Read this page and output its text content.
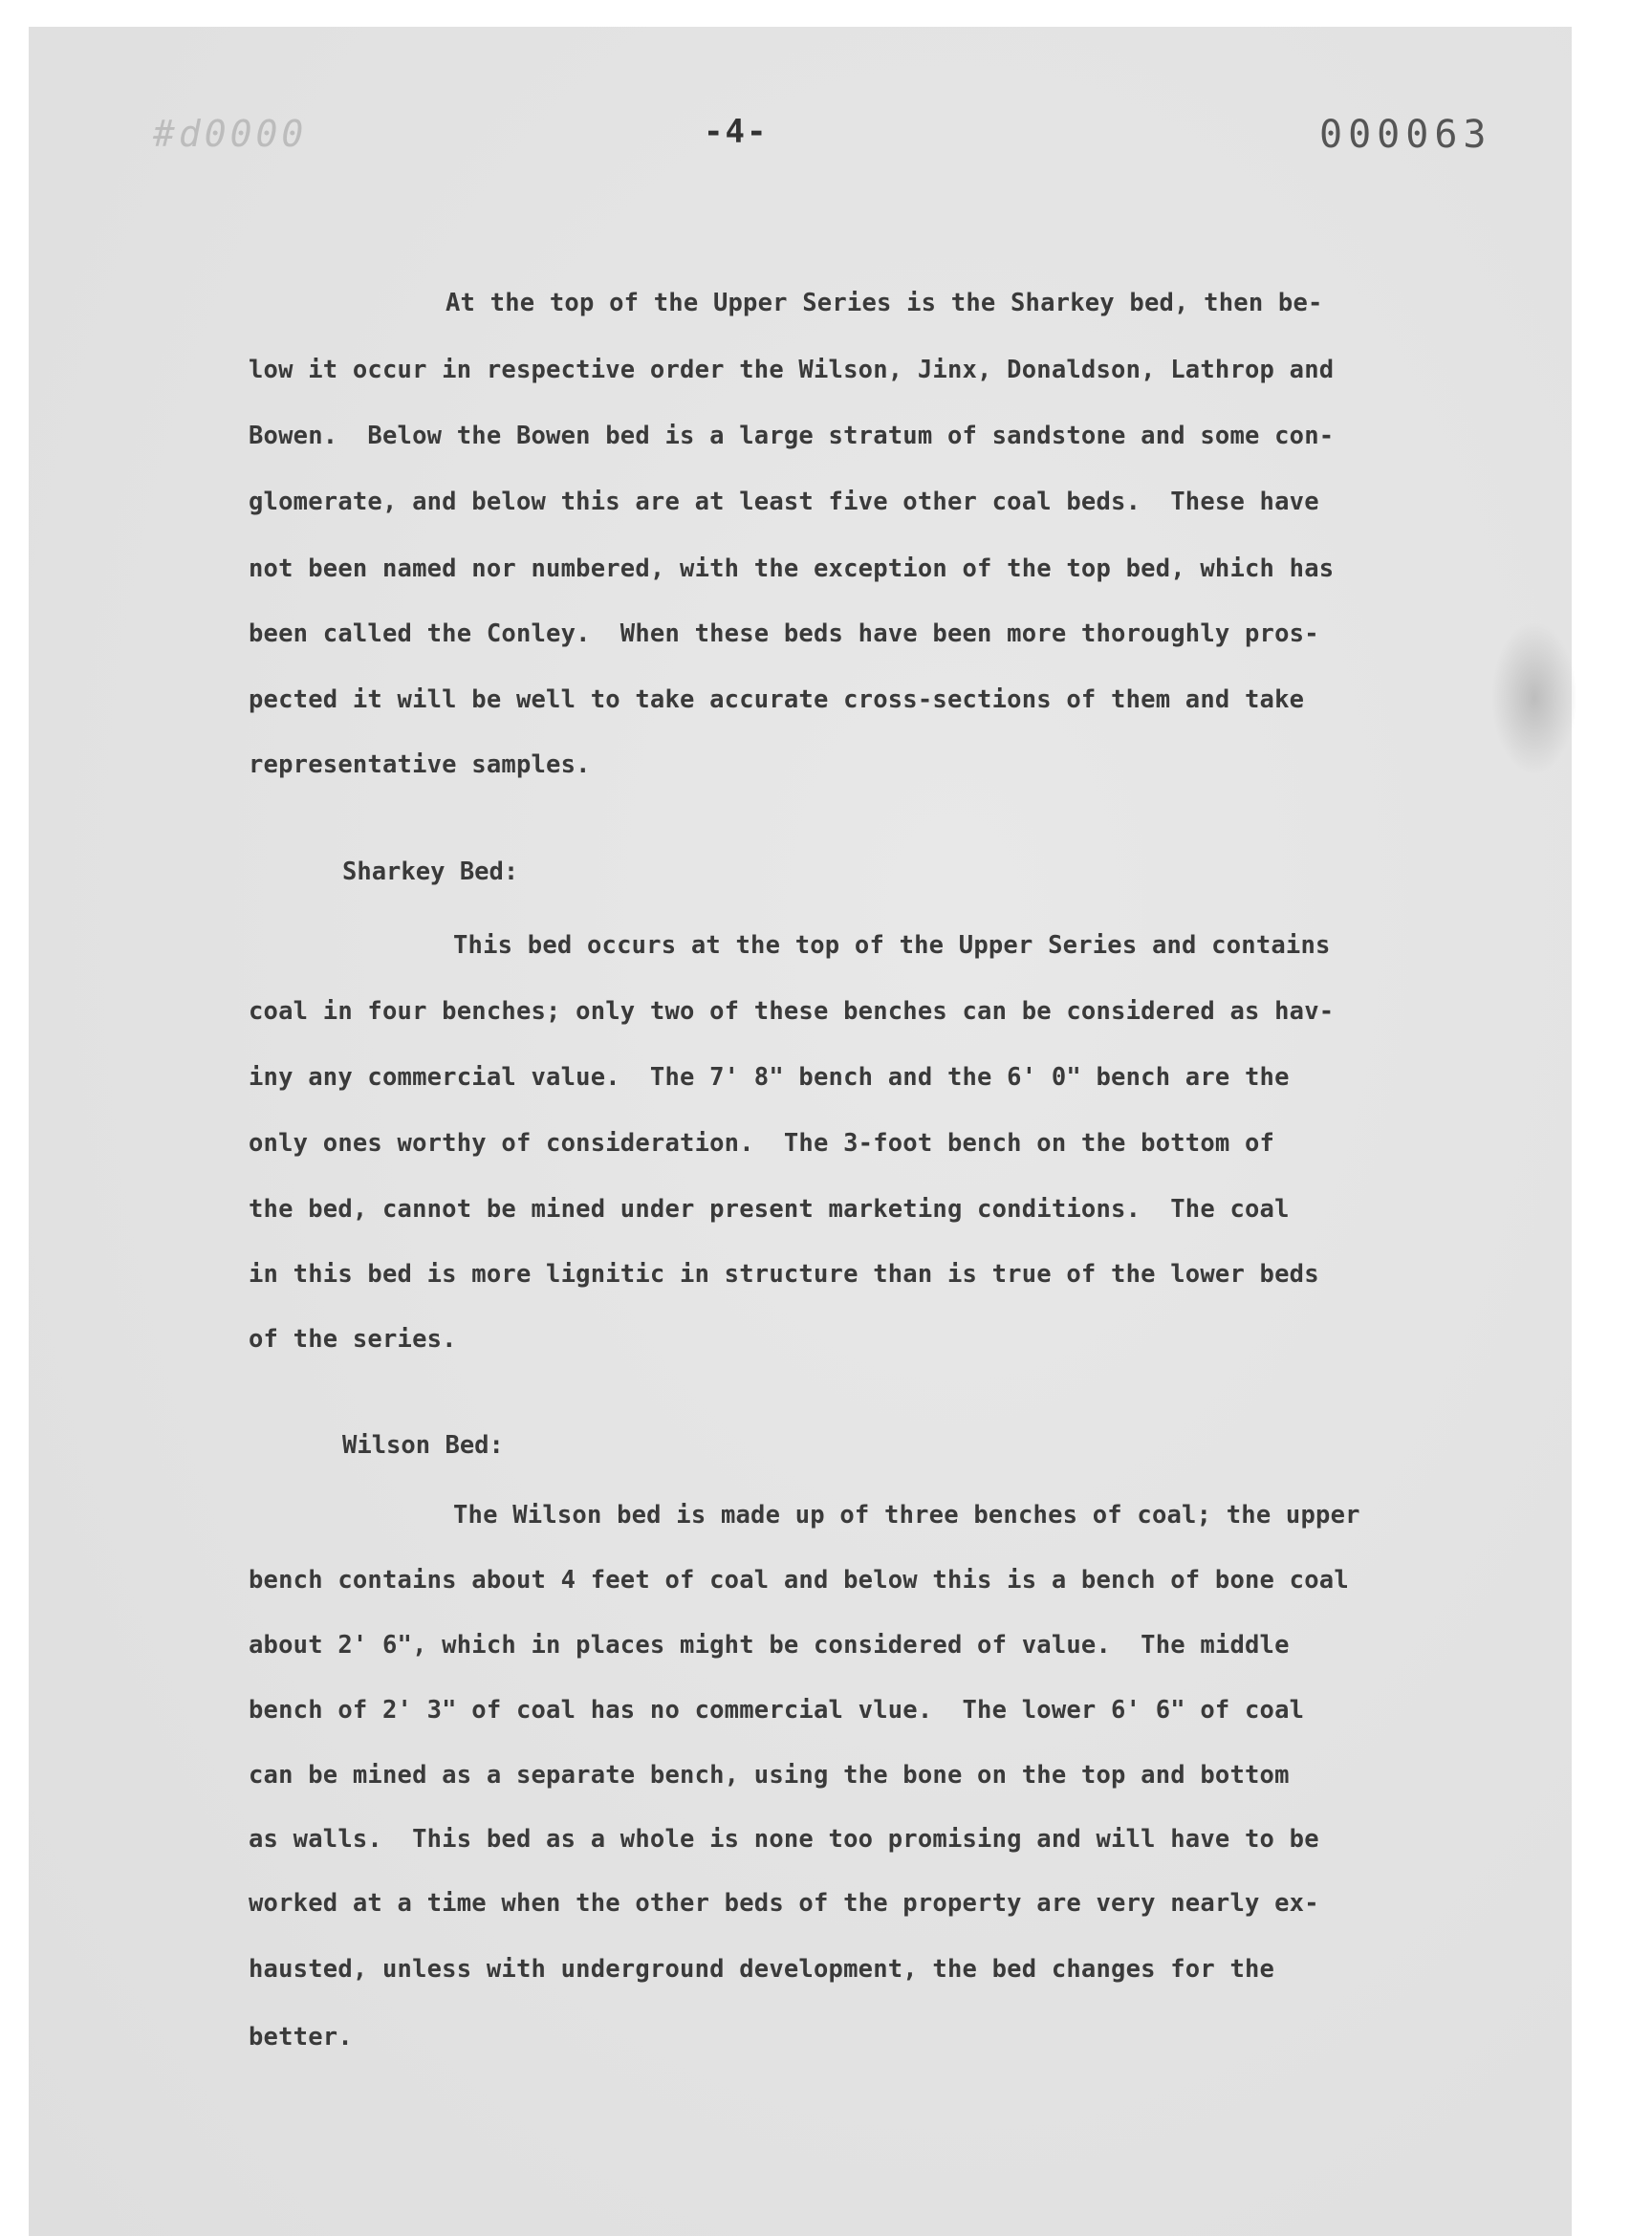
#d0000	-4-	000063
At the top of the Upper Series is the Sharkey bed, then be-
low it occur in respective order the Wilson, Jinx, Donaldson, Lathrop and
Bowen.  Below the Bowen bed is a large stratum of sandstone and some con-
glomerate, and below this are at least five other coal beds.  These have
not been named nor numbered, with the exception of the top bed, which has
been called the Conley.  When these beds have been more thoroughly pros-
pected it will be well to take accurate cross-sections of them and take
representative samples.
Sharkey Bed:
This bed occurs at the top of the Upper Series and contains
coal in four benches; only two of these benches can be considered as hav-
iny any commercial value.  The 7' 8" bench and the 6' 0" bench are the
only ones worthy of consideration.  The 3-foot bench on the bottom of
the bed, cannot be mined under present marketing conditions.  The coal
in this bed is more lignitic in structure than is true of the lower beds
of the series.
Wilson Bed:
The Wilson bed is made up of three benches of coal; the upper
bench contains about 4 feet of coal and below this is a bench of bone coal
about 2' 6", which in places might be considered of value.  The middle
bench of 2' 3" of coal has no commercial vlue.  The lower 6' 6" of coal
can be mined as a separate bench, using the bone on the top and bottom
as walls.  This bed as a whole is none too promising and will have to be
worked at a time when the other beds of the property are very nearly ex-
hausted, unless with underground development, the bed changes for the
better.
